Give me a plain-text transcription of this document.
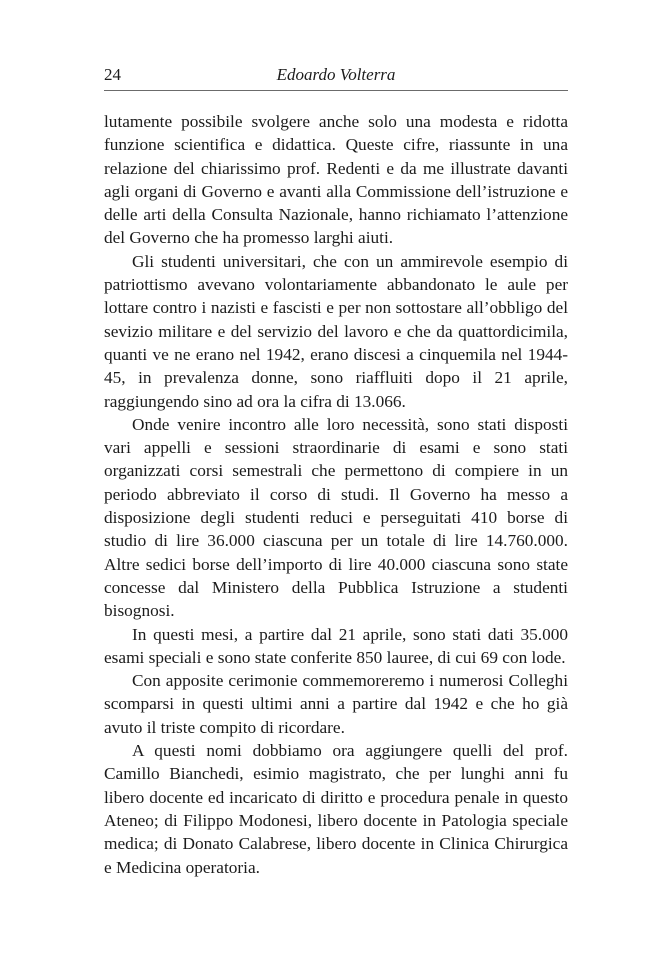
24	Edoardo Volterra

lutamente possibile svolgere anche solo una modesta e ridotta funzione scientifica e didattica. Queste cifre, riassunte in una relazione del chiarissimo prof. Redenti e da me illustrate davanti agli organi di Governo e avanti alla Commissione dell’istruzione e delle arti della Consulta Nazionale, hanno richiamato l’attenzione del Governo che ha promesso larghi aiuti.

Gli studenti universitari, che con un ammirevole esempio di patriottismo avevano volontariamente abbandonato le aule per lottare contro i nazisti e fascisti e per non sottostare all’obbligo del sevizio militare e del servizio del lavoro e che da quattordicimila, quanti ve ne erano nel 1942, erano discesi a cinquemila nel 1944-45, in prevalenza donne, sono riaffluiti dopo il 21 aprile, raggiungendo sino ad ora la cifra di 13.066.

Onde venire incontro alle loro necessità, sono stati disposti vari appelli e sessioni straordinarie di esami e sono stati organizzati corsi semestrali che permettono di compiere in un periodo abbreviato il corso di studi. Il Governo ha messo a disposizione degli studenti reduci e perseguitati 410 borse di studio di lire 36.000 ciascuna per un totale di lire 14.760.000. Altre sedici borse dell’importo di lire 40.000 ciascuna sono state concesse dal Ministero della Pubblica Istruzione a studenti bisognosi.

In questi mesi, a partire dal 21 aprile, sono stati dati 35.000 esami speciali e sono state conferite 850 lauree, di cui 69 con lode.

Con apposite cerimonie commemoreremo i numerosi Colleghi scomparsi in questi ultimi anni a partire dal 1942 e che ho già avuto il triste compito di ricordare.

A questi nomi dobbiamo ora aggiungere quelli del prof. Camillo Bianchedi, esimio magistrato, che per lunghi anni fu libero docente ed incaricato di diritto e procedura penale in questo Ateneo; di Filippo Modonesi, libero docente in Patologia speciale medica; di Donato Calabrese, libero docente in Clinica Chirurgica e Medicina operatoria.
